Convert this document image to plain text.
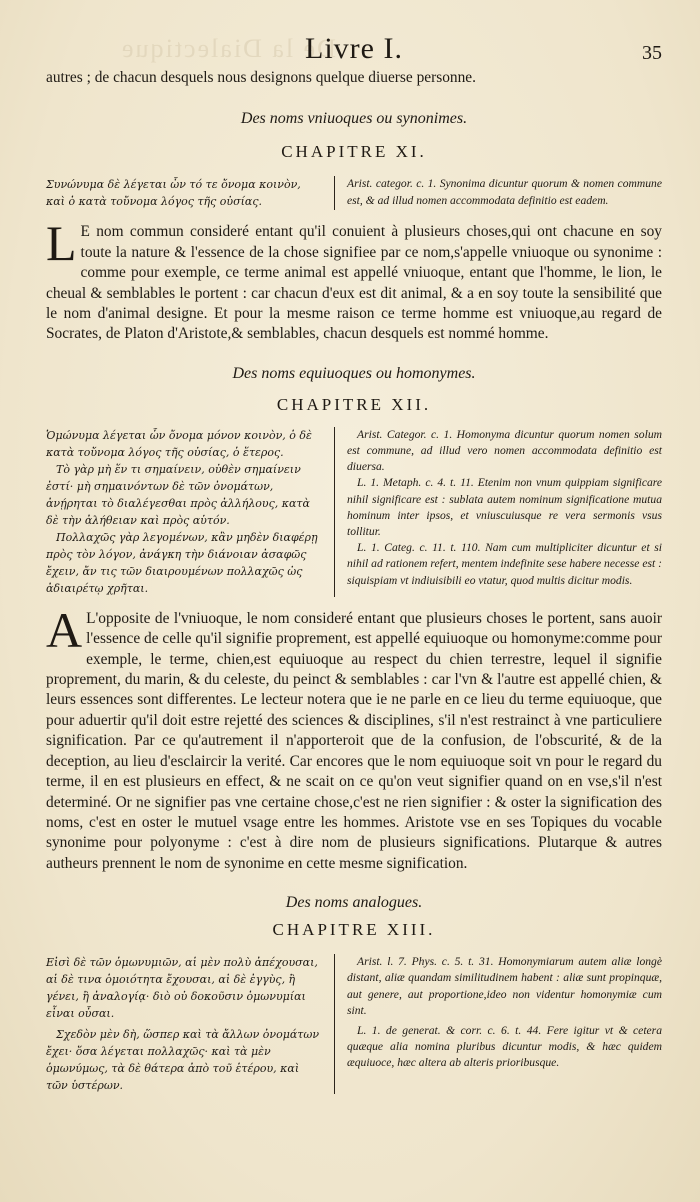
De la Dialectique
Livre I.	35

autres ; de chacun desquels nous designons quelque diuerse personne.

Des noms vniuoques ou synonimes.
CHAPITRE XI.

Συνώνυμα δὲ λέγεται ὧν τό τε ὄνομα κοινὸν, καὶ ὁ κατὰ τοὔνομα λόγος τῆς οὐσίας.

Arist. categor. c. 1. Synonima dicuntur quorum & nomen commune est, & ad illud nomen accommodata definitio est eadem.

L E nom commun consideré entant qu'il conuient à plusieurs choses,qui ont chacune en soy toute la nature & l'essence de la chose signifiee par ce nom,s'appelle vniuoque ou synonime : comme pour exemple, ce terme animal est appellé vniuoque, entant que l'homme, le lion, le cheual & semblables le portent : car chacun d'eux est dit animal, & a en soy toute la sensibilité que le nom d'animal designe. Et pour la mesme raison ce terme homme est vniuoque,au regard de Socrates, de Platon d'Aristote,& semblables, chacun desquels est nommé homme.
Des noms equiuoques ou homonymes.
CHAPITRE XII.

Ὁμώνυμα λέγεται ὧν ὄνομα μόνον κοινὸν, ὁ δὲ κατὰ τοὔνομα λόγος τῆς οὐσίας, ὁ ἕτερος.

Τὸ γὰρ μὴ ἕν τι σημαίνειν, οὐθὲν σημαίνειν ἐστί· μὴ σημαινόντων δὲ τῶν ὀνομάτων, ἀνῄρηται τὸ διαλέγεσθαι πρὸς ἀλλήλους, κατὰ δὲ τὴν ἀλήθειαν καὶ πρὸς αὑτόν.

Πολλαχῶς γὰρ λεγομένων, κἂν μηδὲν διαφέρῃ πρὸς τὸν λόγον, ἀνάγκη τὴν διάνοιαν ἀσαφῶς ἔχειν, ἄν τις τῶν διαιρουμένων πολλαχῶς ὡς ἀδιαιρέτῳ χρῆται.

Arist. Categor. c. 1. Homonyma dicuntur quorum nomen solum est commune, ad illud vero nomen accommodata definitio est diuersa.

L. 1. Metaph. c. 4. t. 11. Etenim non vnum quippiam significare nihil significare est : sublata autem nominum significatione mutua hominum inter ipsos, et vniuscuiusque re vera sermonis vsus tollitur.

L. 1. Categ. c. 11. t. 110. Nam cum multipliciter dicuntur et si nihil ad rationem refert, mentem indefinite sese habere necesse est : siquispiam vt indiuisibili eo vtatur, quod multis dicitur modis.

A L'opposite de l'vniuoque, le nom consideré entant que plusieurs choses le portent, sans auoir l'essence de celle qu'il signifie proprement, est appellé equiuoque ou homonyme:comme pour exemple, le terme, chien,est equiuoque au respect du chien terrestre, lequel il signifie proprement, du marin, & du celeste, du peinct & semblables : car l'vn & l'autre est appellé chien, & leurs essences sont differentes. Le lecteur notera que ie ne parle en ce lieu du terme equiuoque, que pour aduertir qu'il doit estre rejetté des sciences & disciplines, s'il n'est restrainct à vne particuliere signification. Par ce qu'autrement il n'apporteroit que de la confusion, de l'obscurité, & de la deception, au lieu d'esclaircir la verité. Car encores que le nom equiuoque soit vn pour le regard du terme, il en est plusieurs en effect, & ne scait on ce qu'on veut signifier quand on en vse,s'il n'est determiné. Or ne signifier pas vne certaine chose,c'est ne rien signifier : & oster la signification des noms, c'est en oster le mutuel vsage entre les hommes. Aristote vse en ses Topiques du vocable synonime pour polyonyme : c'est à dire nom de plusieurs significations. Plutarque & autres autheurs prennent le nom de synonime en cette mesme signification.
Des noms analogues.
CHAPITRE XIII.

Εἰσὶ δὲ τῶν ὁμωνυμιῶν, αἱ μὲν πολὺ ἀπέχουσαι, αἱ δὲ τινα ὁμοιότητα ἔχουσαι, αἱ δὲ ἐγγὺς, ἢ γένει, ἢ ἀναλογίᾳ· διὸ οὐ δοκοῦσιν ὁμωνυμίαι εἶναι οὖσαι.

Σχεδὸν μὲν δὴ, ὥσπερ καὶ τὰ ἄλλων ὀνομάτων ἔχει· ὅσα λέγεται πολλαχῶς· καὶ τὰ μὲν ὁμωνύμως, τὰ δὲ θάτερα ἀπὸ τοῦ ἑτέρου, καὶ τῶν ὑστέρων.

Arist. l. 7. Phys. c. 5. t. 31. Homonymiarum autem aliæ longè distant, aliæ quandam similitudinem habent : aliæ sunt propinquæ, aut genere, aut proportione,ideo non videntur homonymiæ cum sint.

L. 1. de generat. & corr. c. 6. t. 44. Fere igitur vt & cetera quæque alia nomina pluribus dicuntur modis, & hæc quidem æquiuoce, hæc altera ab alteris prioribusque.
